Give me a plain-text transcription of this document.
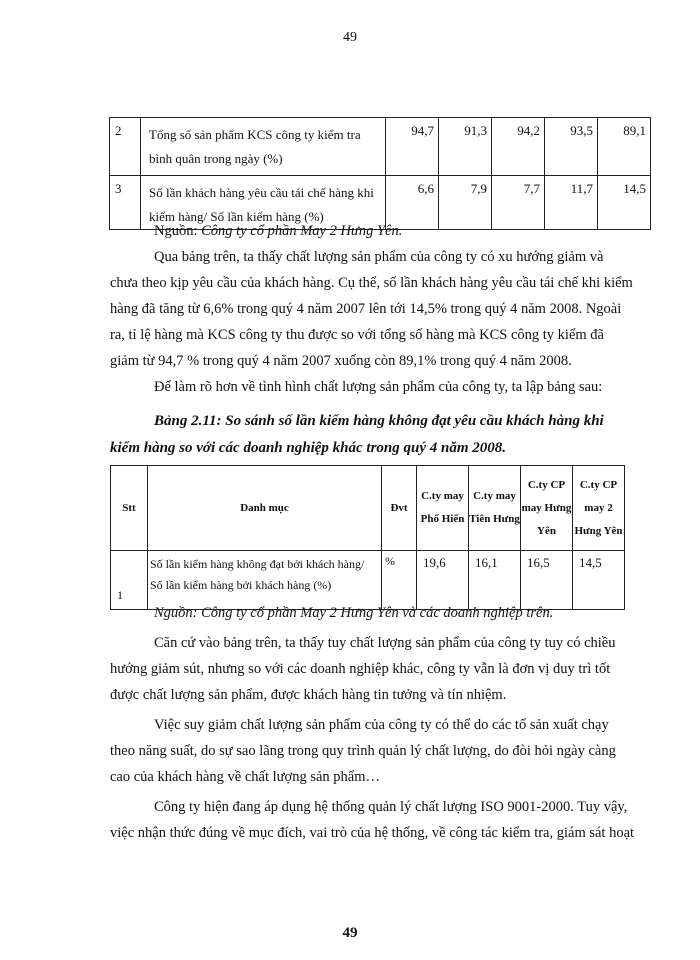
49
2	Tổng số sản phẩm KCS công ty kiểm tra bình quân trong ngày (%)	94,7	91,3	94,2	93,5	89,1
3	Số lần khách hàng yêu cầu tái chế hàng khi kiểm hàng/ Số lần kiểm hàng (%)	6,6	7,9	7,7	11,7	14,5

Nguồn: Công ty cổ phần May 2 Hưng Yên.

Qua bảng trên, ta thấy chất lượng sản phẩm của công ty có xu hướng giảm và chưa theo kịp yêu cầu của khách hàng. Cụ thể, số lần khách hàng yêu cầu tái chế khi kiểm hàng đã tăng từ 6,6% trong quý 4 năm 2007 lên tới 14,5% trong quý 4 năm 2008. Ngoài ra, tỉ lệ hàng mà KCS công ty thu được so với tổng số hàng mà KCS công ty kiểm đã giảm từ 94,7 % trong quý 4 năm 2007 xuống còn 89,1% trong quý 4 năm 2008.

Để làm rõ hơn về tình hình chất lượng sản phẩm của công ty, ta lập bảng sau:

Bảng 2.11: So sánh số lần kiểm hàng không đạt yêu cầu khách hàng khi kiểm hàng so với các doanh nghiệp khác trong quý 4 năm 2008.

Stt	Danh mục	Đvt	C.ty may Phố Hiến	C.ty may Tiên Hưng	C.ty CP may Hưng Yên	C.ty CP may 2 Hưng Yên
1	Số lần kiểm hàng không đạt bởi khách hàng/ Số lần kiểm hàng bởi khách hàng (%)	%	19,6	16,1	16,5	14,5

Nguồn: Công ty cổ phần May 2 Hưng Yên và các doanh nghiệp trên.

Căn cứ vào bảng trên, ta thấy tuy chất lượng sản phẩm của công ty tuy có chiều hướng giảm sút, nhưng so với các doanh nghiệp khác, công ty vẫn là đơn vị duy trì tốt được chất lượng sản phẩm, được khách hàng tin tưởng và tín nhiệm.

Việc suy giảm chất lượng sản phẩm của công ty có thể do các tổ sản xuất chạy theo năng suất, do sự sao lãng trong quy trình quản lý chất lượng, do đòi hỏi ngày càng cao của khách hàng về chất lượng sản phẩm…

Công ty hiện đang áp dụng hệ thống quản lý chất lượng ISO 9001-2000. Tuy vậy, việc nhận thức đúng về mục đích, vai trò của hệ thống, về công tác kiểm tra, giám sát hoạt

49
